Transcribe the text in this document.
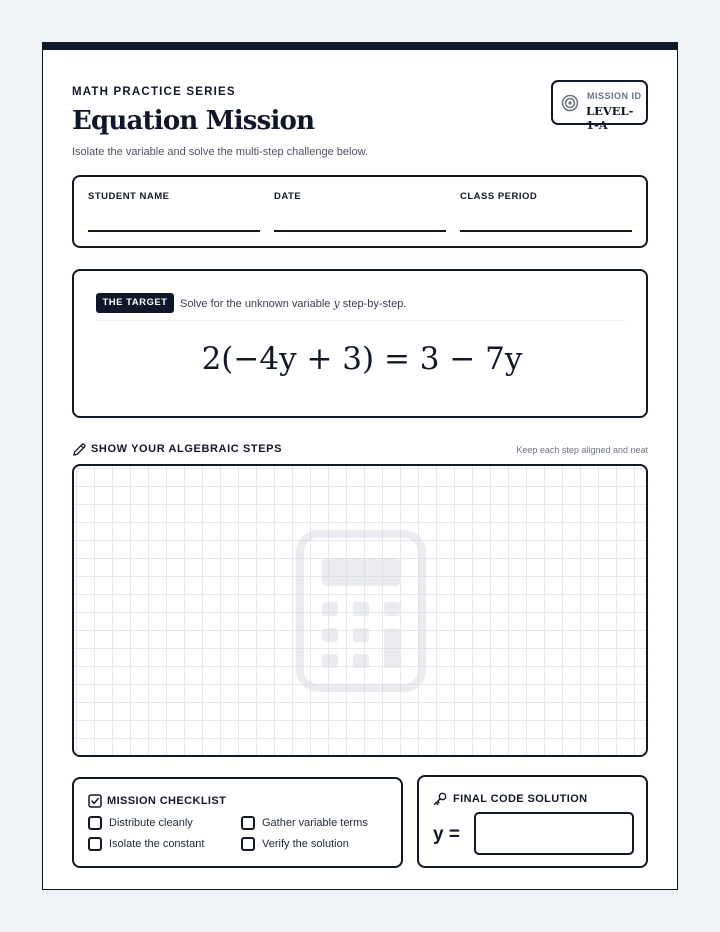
MATH PRACTICE SERIES
Equation Mission
Isolate the variable and solve the multi-step challenge below.
MISSION ID
LEVEL-1-A
STUDENT NAME	DATE	CLASS PERIOD
THE TARGET	Solve for the unknown variable y step-by-step.
2(−4y + 3) = 3 − 7y
SHOW YOUR ALGEBRAIC STEPS	Keep each step aligned and neat
MISSION CHECKLIST
Distribute cleanly	Gather variable terms
Isolate the constant	Verify the solution
FINAL CODE SOLUTION
y =
